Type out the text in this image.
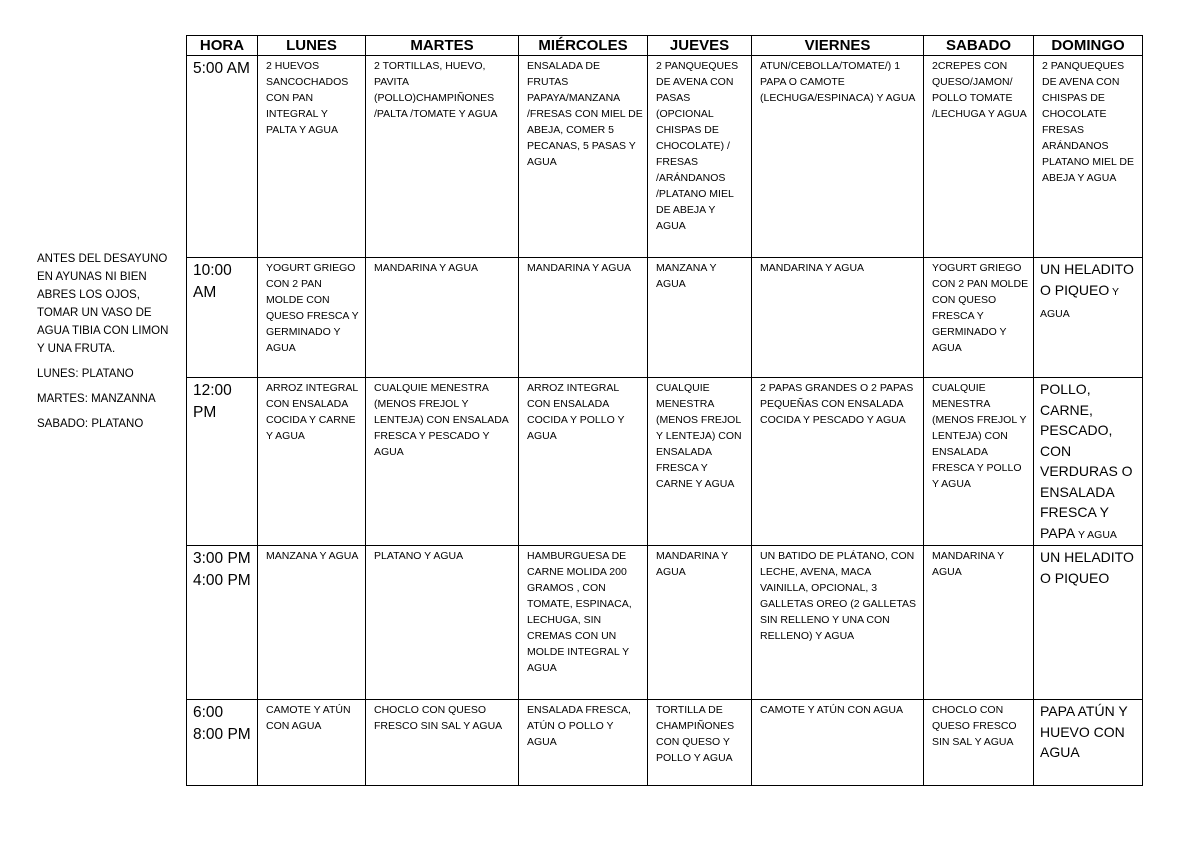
ANTES DEL DESAYUNO EN AYUNAS NI BIEN ABRES LOS OJOS, TOMAR UN VASO DE AGUA TIBIA CON LIMON Y UNA FRUTA.

LUNES: PLATANO

MARTES: MANZANNA

SABADO: PLATANO

HORA	LUNES	MARTES	MIÉRCOLES	JUEVES	VIERNES	SABADO	DOMINGO
5:00 AM	2 HUEVOS SANCOCHADOS CON PAN INTEGRAL Y PALTA Y AGUA	2 TORTILLAS, HUEVO, PAVITA (POLLO)CHAMPIÑONES /PALTA /TOMATE Y AGUA	ENSALADA DE FRUTAS PAPAYA/MANZANA /FRESAS CON MIEL DE ABEJA, COMER 5 PECANAS, 5 PASAS Y AGUA	2 PANQUEQUES DE AVENA CON PASAS (OPCIONAL CHISPAS DE CHOCOLATE) / FRESAS /ARÁNDANOS /PLATANO MIEL DE ABEJA Y AGUA	ATUN/CEBOLLA/TOMATE/) 1 PAPA O CAMOTE (LECHUGA/ESPINACA) Y AGUA	2CREPES CON QUESO/JAMON/ POLLO TOMATE /LECHUGA Y AGUA	2 PANQUEQUES DE AVENA CON CHISPAS DE CHOCOLATE FRESAS ARÁNDANOS PLATANO MIEL DE ABEJA Y AGUA
10:00 AM	YOGURT GRIEGO CON 2 PAN MOLDE CON QUESO FRESCA Y GERMINADO Y AGUA	MANDARINA Y AGUA	MANDARINA Y AGUA	MANZANA Y AGUA	MANDARINA Y AGUA	YOGURT GRIEGO CON 2 PAN MOLDE CON QUESO FRESCA Y GERMINADO Y AGUA	UN HELADITO O PIQUEO Y AGUA
12:00 PM	ARROZ INTEGRAL CON ENSALADA COCIDA Y CARNE Y AGUA	CUALQUIE MENESTRA (MENOS FREJOL Y LENTEJA) CON ENSALADA FRESCA Y PESCADO Y AGUA	ARROZ INTEGRAL CON ENSALADA COCIDA Y POLLO Y AGUA	CUALQUIE MENESTRA (MENOS FREJOL Y LENTEJA) CON ENSALADA FRESCA Y CARNE Y AGUA	2 PAPAS GRANDES O 2 PAPAS PEQUEÑAS CON ENSALADA COCIDA Y PESCADO Y AGUA	CUALQUIE MENESTRA (MENOS FREJOL Y LENTEJA) CON ENSALADA FRESCA Y POLLO Y AGUA	POLLO, CARNE, PESCADO, CON VERDURAS O ENSALADA FRESCA Y PAPA Y AGUA
3:00 PM 4:00 PM	MANZANA Y AGUA	PLATANO Y AGUA	HAMBURGUESA DE CARNE MOLIDA 200 GRAMOS , CON TOMATE, ESPINACA, LECHUGA, SIN CREMAS CON UN MOLDE INTEGRAL Y AGUA	MANDARINA Y AGUA	UN BATIDO DE PLÁTANO, CON LECHE, AVENA, MACA VAINILLA, OPCIONAL, 3 GALLETAS OREO (2 GALLETAS SIN RELLENO Y UNA CON RELLENO) Y AGUA	MANDARINA Y AGUA	UN HELADITO O PIQUEO
6:00 8:00 PM	CAMOTE Y ATÚN CON AGUA	CHOCLO CON QUESO FRESCO SIN SAL Y AGUA	ENSALADA FRESCA, ATÚN O POLLO Y AGUA	TORTILLA DE CHAMPIÑONES CON QUESO Y POLLO Y AGUA	CAMOTE Y ATÚN CON AGUA	CHOCLO CON QUESO FRESCO SIN SAL Y AGUA	PAPA ATÚN Y HUEVO CON AGUA
